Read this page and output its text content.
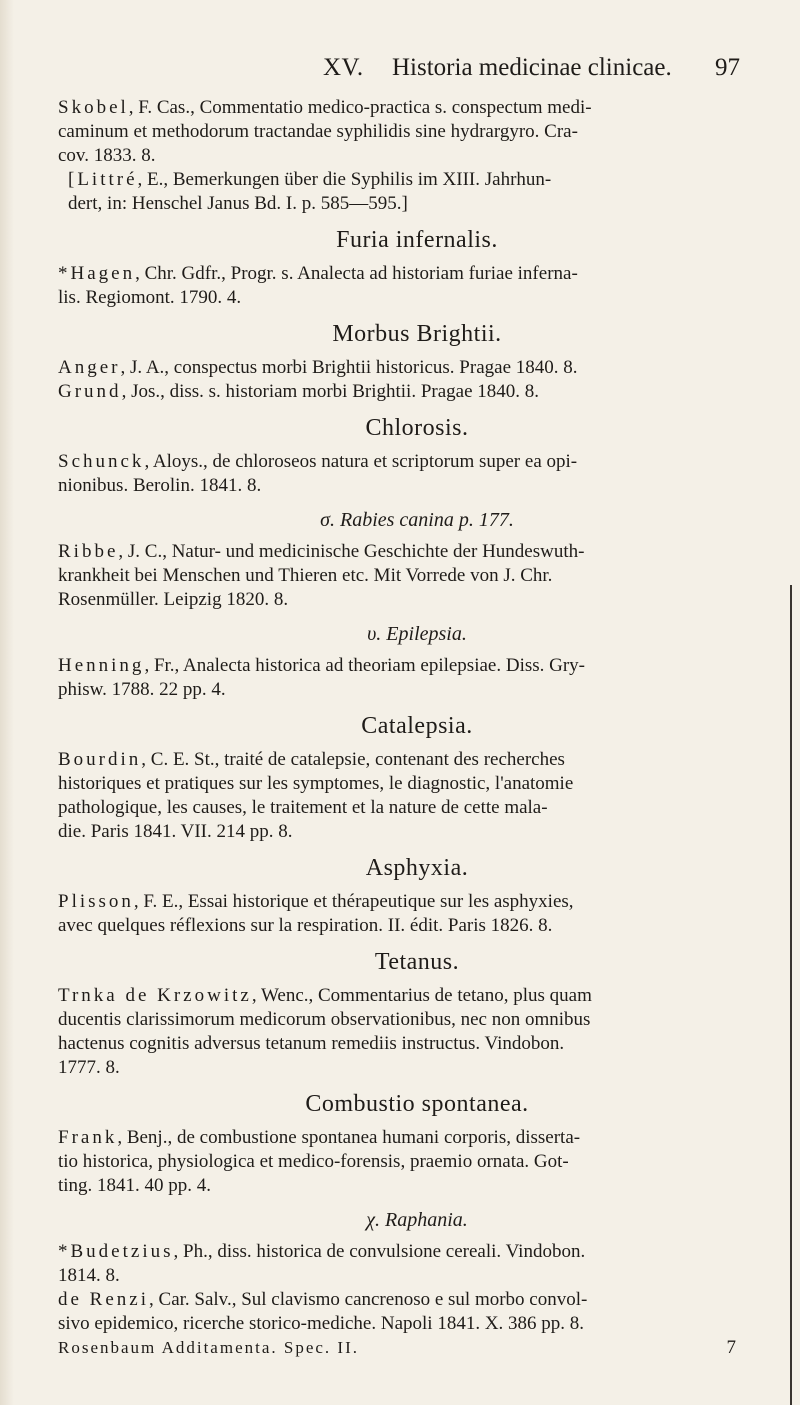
XV. Historia medicinae clinicae. 97
Skobel, F. Cas., Commentatio medico-practica s. conspectum medi-
caminum et methodorum tractandae syphilidis sine hydrargyro. Cra-
cov. 1833. 8.
[Littré, E., Bemerkungen über die Syphilis im XIII. Jahrhun-
dert, in: Henschel Janus Bd. I. p. 585—595.]
Furia infernalis.
*Hagen, Chr. Gdfr., Progr. s. Analecta ad historiam furiae inferna-
lis. Regiomont. 1790. 4.
Morbus Brightii.
Anger, J. A., conspectus morbi Brightii historicus. Pragae 1840. 8.
Grund, Jos., diss. s. historiam morbi Brightii. Pragae 1840. 8.
Chlorosis.
Schunck, Aloys., de chloroseos natura et scriptorum super ea opi-
nionibus. Berolin. 1841. 8.
σ. Rabies canina p. 177.
Ribbe, J. C., Natur- und medicinische Geschichte der Hundeswuth-
krankheit bei Menschen und Thieren etc. Mit Vorrede von J. Chr.
Rosenmüller. Leipzig 1820. 8.
υ. Epilepsia.
Henning, Fr., Analecta historica ad theoriam epilepsiae. Diss. Gry-
phisw. 1788. 22 pp. 4.
Catalepsia.
Bourdin, C. E. St., traité de catalepsie, contenant des recherches
historiques et pratiques sur les symptomes, le diagnostic, l'anatomie
pathologique, les causes, le traitement et la nature de cette mala-
die. Paris 1841. VII. 214 pp. 8.
Asphyxia.
Plisson, F. E., Essai historique et thérapeutique sur les asphyxies,
avec quelques réflexions sur la respiration. II. édit. Paris 1826. 8.
Tetanus.
Trnka de Krzowitz, Wenc., Commentarius de tetano, plus quam
ducentis clarissimorum medicorum observationibus, nec non omnibus
hactenus cognitis adversus tetanum remediis instructus. Vindobon.
1777. 8.
Combustio spontanea.
Frank, Benj., de combustione spontanea humani corporis, disserta-
tio historica, physiologica et medico-forensis, praemio ornata. Got-
ting. 1841. 40 pp. 4.
χ. Raphania.
*Budetzius, Ph., diss. historica de convulsione cereali. Vindobon.
1814. 8.
de Renzi, Car. Salv., Sul clavismo cancrenoso e sul morbo convol-
sivo epidemico, ricerche storico-mediche. Napoli 1841. X. 386 pp. 8.
Rosenbaum Additamenta. Spec. II.	7
